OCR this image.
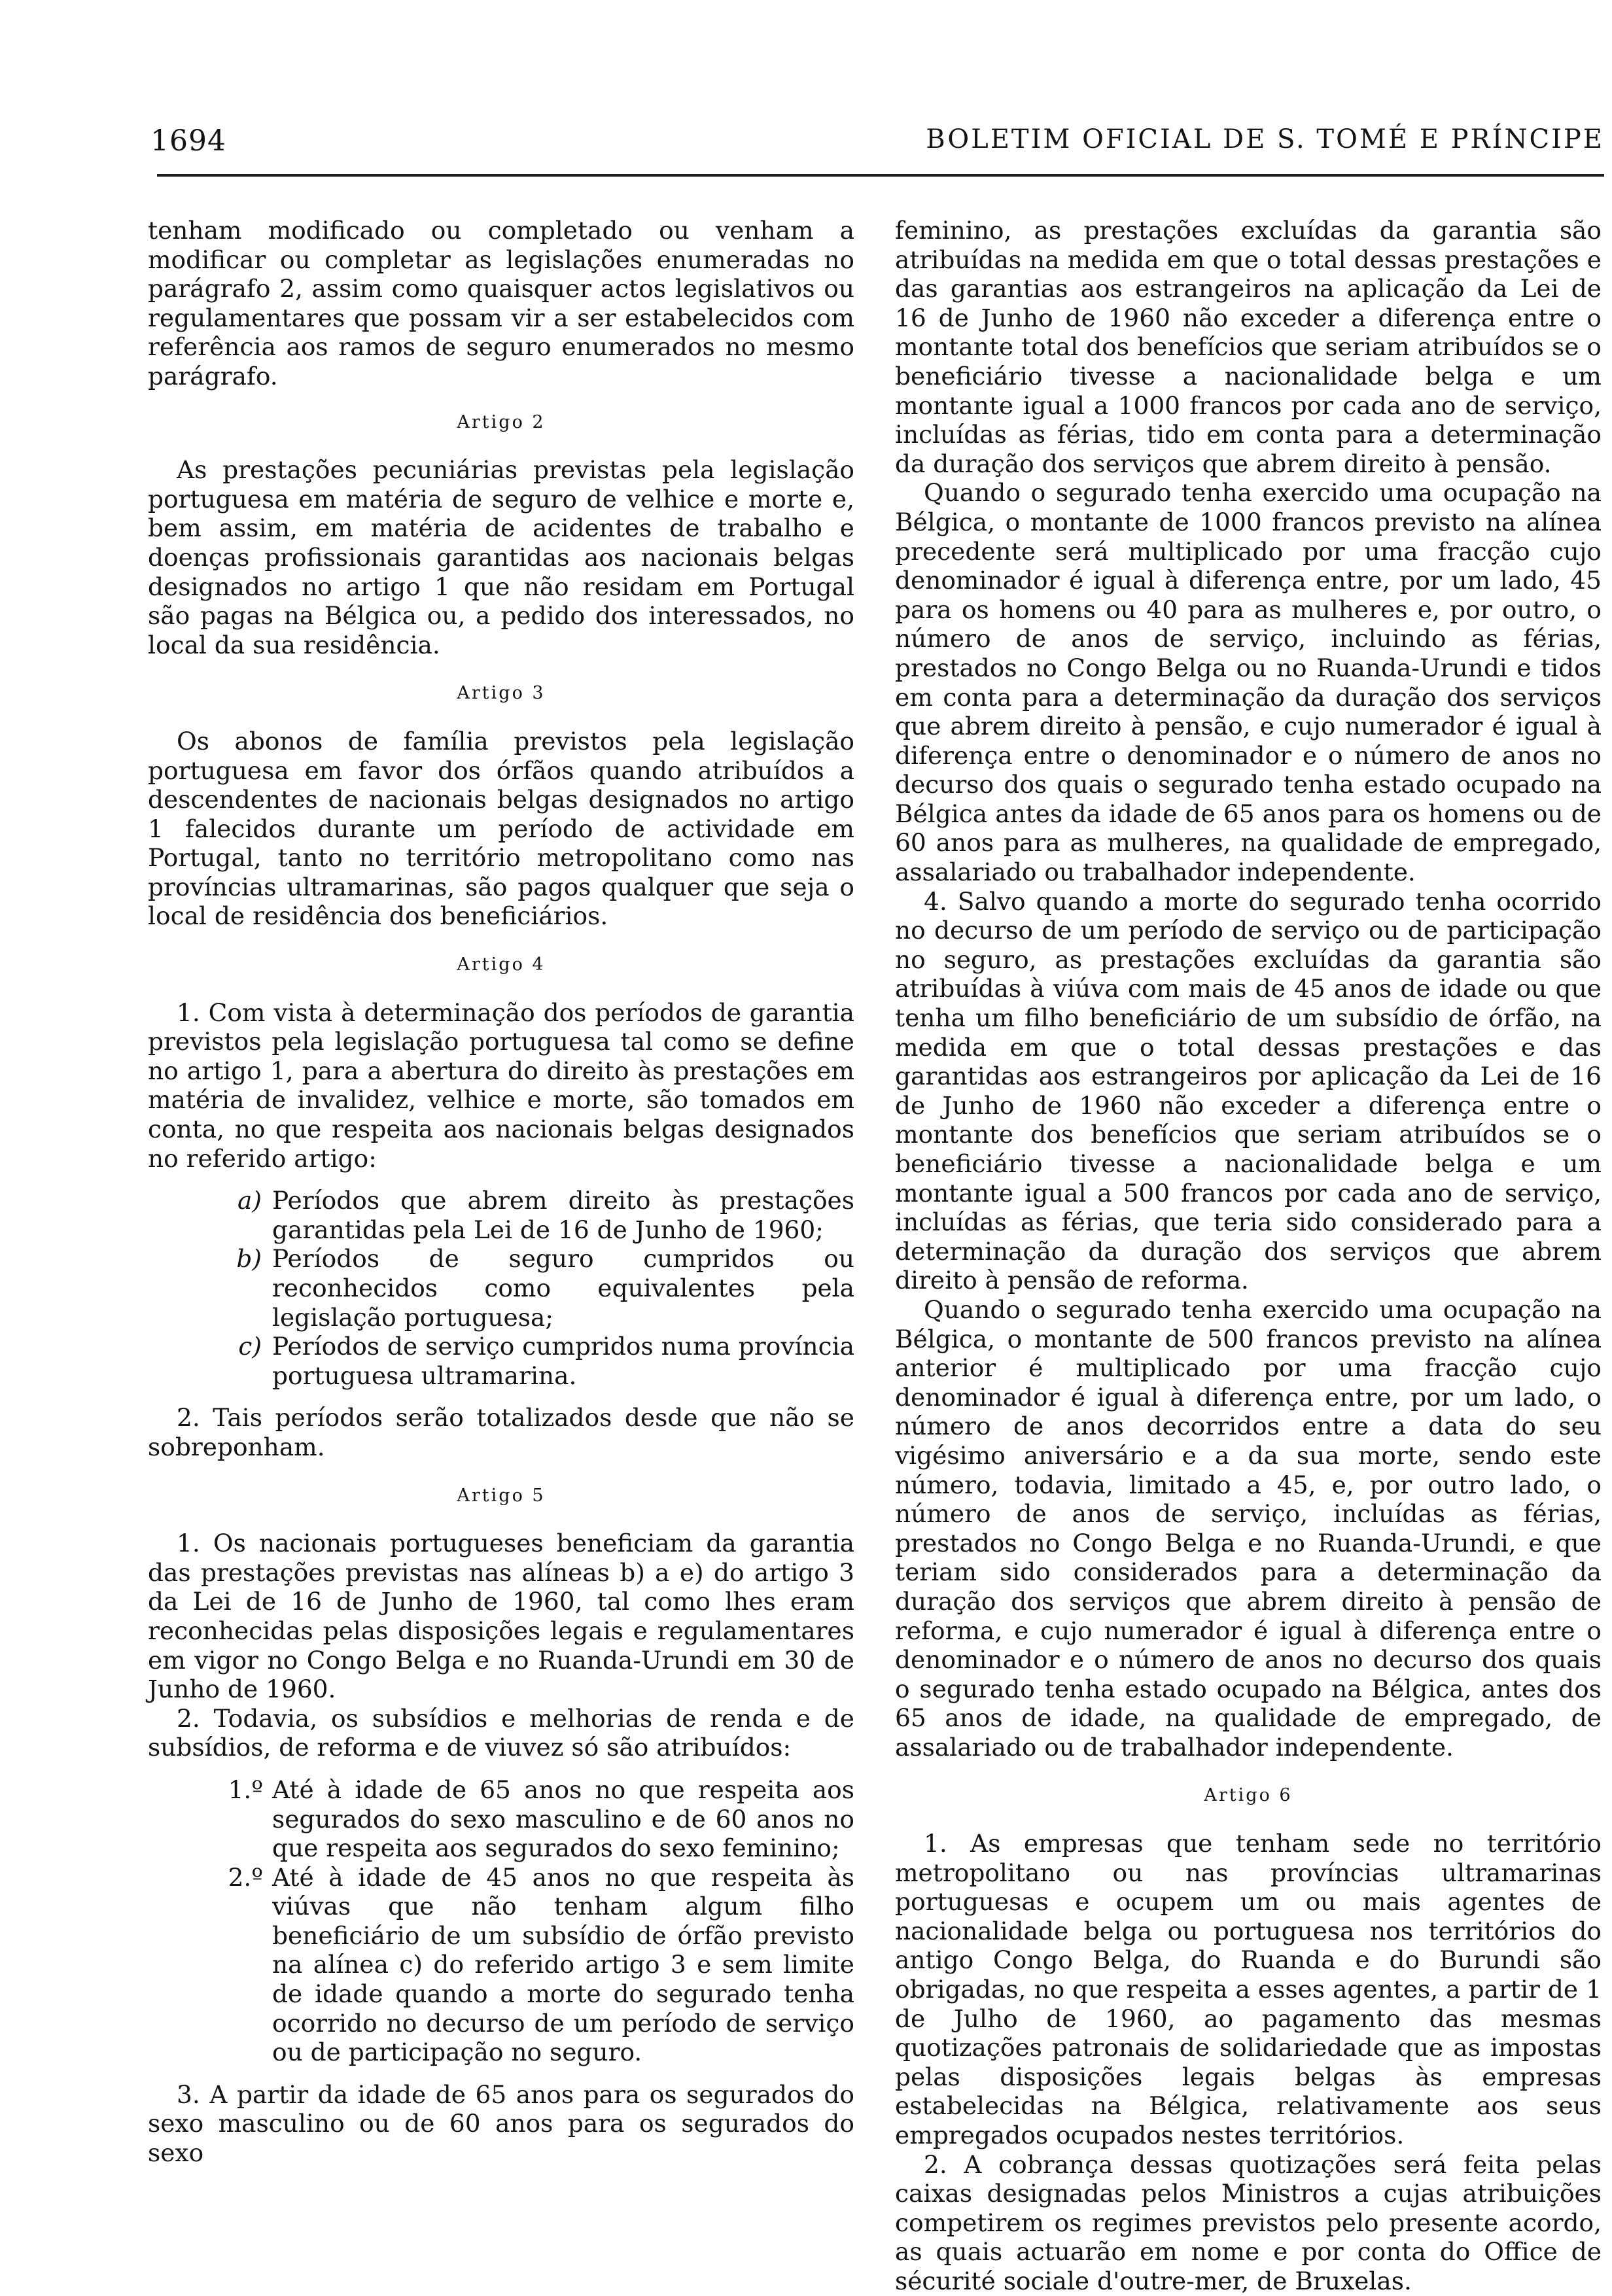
1694	BOLETIM OFICIAL DE S. TOMÉ E PRÍNCIPE

tenham modificado ou completado ou venham a modificar ou completar as legislações enumeradas no parágrafo 2, assim como quaisquer actos legislativos ou regulamentares que possam vir a ser estabelecidos com referência aos ramos de seguro enumerados no mesmo parágrafo.

Artigo 2

As prestações pecuniárias previstas pela legislação portuguesa em matéria de seguro de velhice e morte e, bem assim, em matéria de acidentes de trabalho e doenças profissionais garantidas aos nacionais belgas designados no artigo 1 que não residam em Portugal são pagas na Bélgica ou, a pedido dos interessados, no local da sua residência.

Artigo 3

Os abonos de família previstos pela legislação portuguesa em favor dos órfãos quando atribuídos a descendentes de nacionais belgas designados no artigo 1 falecidos durante um período de actividade em Portugal, tanto no território metropolitano como nas províncias ultramarinas, são pagos qualquer que seja o local de residência dos beneficiários.

Artigo 4

1. Com vista à determinação dos períodos de garantia previstos pela legislação portuguesa tal como se define no artigo 1, para a abertura do direito às prestações em matéria de invalidez, velhice e morte, são tomados em conta, no que respeita aos nacionais belgas designados no referido artigo:

a) Períodos que abrem direito às prestações garantidas pela Lei de 16 de Junho de 1960;
b) Períodos de seguro cumpridos ou reconhecidos como equivalentes pela legislação portuguesa;
c) Períodos de serviço cumpridos numa província portuguesa ultramarina.

2. Tais períodos serão totalizados desde que não se sobreponham.

Artigo 5

1. Os nacionais portugueses beneficiam da garantia das prestações previstas nas alíneas b) a e) do artigo 3 da Lei de 16 de Junho de 1960, tal como lhes eram reconhecidas pelas disposições legais e regulamentares em vigor no Congo Belga e no Ruanda-Urundi em 30 de Junho de 1960.

2. Todavia, os subsídios e melhorias de renda e de subsídios, de reforma e de viuvez só são atribuídos:

1.º Até à idade de 65 anos no que respeita aos segurados do sexo masculino e de 60 anos no que respeita aos segurados do sexo feminino;
2.º Até à idade de 45 anos no que respeita às viúvas que não tenham algum filho beneficiário de um subsídio de órfão previsto na alínea c) do referido artigo 3 e sem limite de idade quando a morte do segurado tenha ocorrido no decurso de um período de serviço ou de participação no seguro.

3. A partir da idade de 65 anos para os segurados do sexo masculino ou de 60 anos para os segurados do sexo

feminino, as prestações excluídas da garantia são atribuídas na medida em que o total dessas prestações e das garantias aos estrangeiros na aplicação da Lei de 16 de Junho de 1960 não exceder a diferença entre o montante total dos benefícios que seriam atribuídos se o beneficiário tivesse a nacionalidade belga e um montante igual a 1000 francos por cada ano de serviço, incluídas as férias, tido em conta para a determinação da duração dos serviços que abrem direito à pensão.

Quando o segurado tenha exercido uma ocupação na Bélgica, o montante de 1000 francos previsto na alínea precedente será multiplicado por uma fracção cujo denominador é igual à diferença entre, por um lado, 45 para os homens ou 40 para as mulheres e, por outro, o número de anos de serviço, incluindo as férias, prestados no Congo Belga ou no Ruanda-Urundi e tidos em conta para a determinação da duração dos serviços que abrem direito à pensão, e cujo numerador é igual à diferença entre o denominador e o número de anos no decurso dos quais o segurado tenha estado ocupado na Bélgica antes da idade de 65 anos para os homens ou de 60 anos para as mulheres, na qualidade de empregado, assalariado ou trabalhador independente.

4. Salvo quando a morte do segurado tenha ocorrido no decurso de um período de serviço ou de participação no seguro, as prestações excluídas da garantia são atribuídas à viúva com mais de 45 anos de idade ou que tenha um filho beneficiário de um subsídio de órfão, na medida em que o total dessas prestações e das garantidas aos estrangeiros por aplicação da Lei de 16 de Junho de 1960 não exceder a diferença entre o montante dos benefícios que seriam atribuídos se o beneficiário tivesse a nacionalidade belga e um montante igual a 500 francos por cada ano de serviço, incluídas as férias, que teria sido considerado para a determinação da duração dos serviços que abrem direito à pensão de reforma.

Quando o segurado tenha exercido uma ocupação na Bélgica, o montante de 500 francos previsto na alínea anterior é multiplicado por uma fracção cujo denominador é igual à diferença entre, por um lado, o número de anos decorridos entre a data do seu vigésimo aniversário e a da sua morte, sendo este número, todavia, limitado a 45, e, por outro lado, o número de anos de serviço, incluídas as férias, prestados no Congo Belga e no Ruanda-Urundi, e que teriam sido considerados para a determinação da duração dos serviços que abrem direito à pensão de reforma, e cujo numerador é igual à diferença entre o denominador e o número de anos no decurso dos quais o segurado tenha estado ocupado na Bélgica, antes dos 65 anos de idade, na qualidade de empregado, de assalariado ou de trabalhador independente.

Artigo 6

1. As empresas que tenham sede no território metropolitano ou nas províncias ultramarinas portuguesas e ocupem um ou mais agentes de nacionalidade belga ou portuguesa nos territórios do antigo Congo Belga, do Ruanda e do Burundi são obrigadas, no que respeita a esses agentes, a partir de 1 de Julho de 1960, ao pagamento das mesmas quotizações patronais de solidariedade que as impostas pelas disposições legais belgas às empresas estabelecidas na Bélgica, relativamente aos seus empregados ocupados nestes territórios.

2. A cobrança dessas quotizações será feita pelas caixas designadas pelos Ministros a cujas atribuições competirem os regimes previstos pelo presente acordo, as quais actuarão em nome e por conta do Office de sécurité sociale d'outre-mer, de Bruxelas.
